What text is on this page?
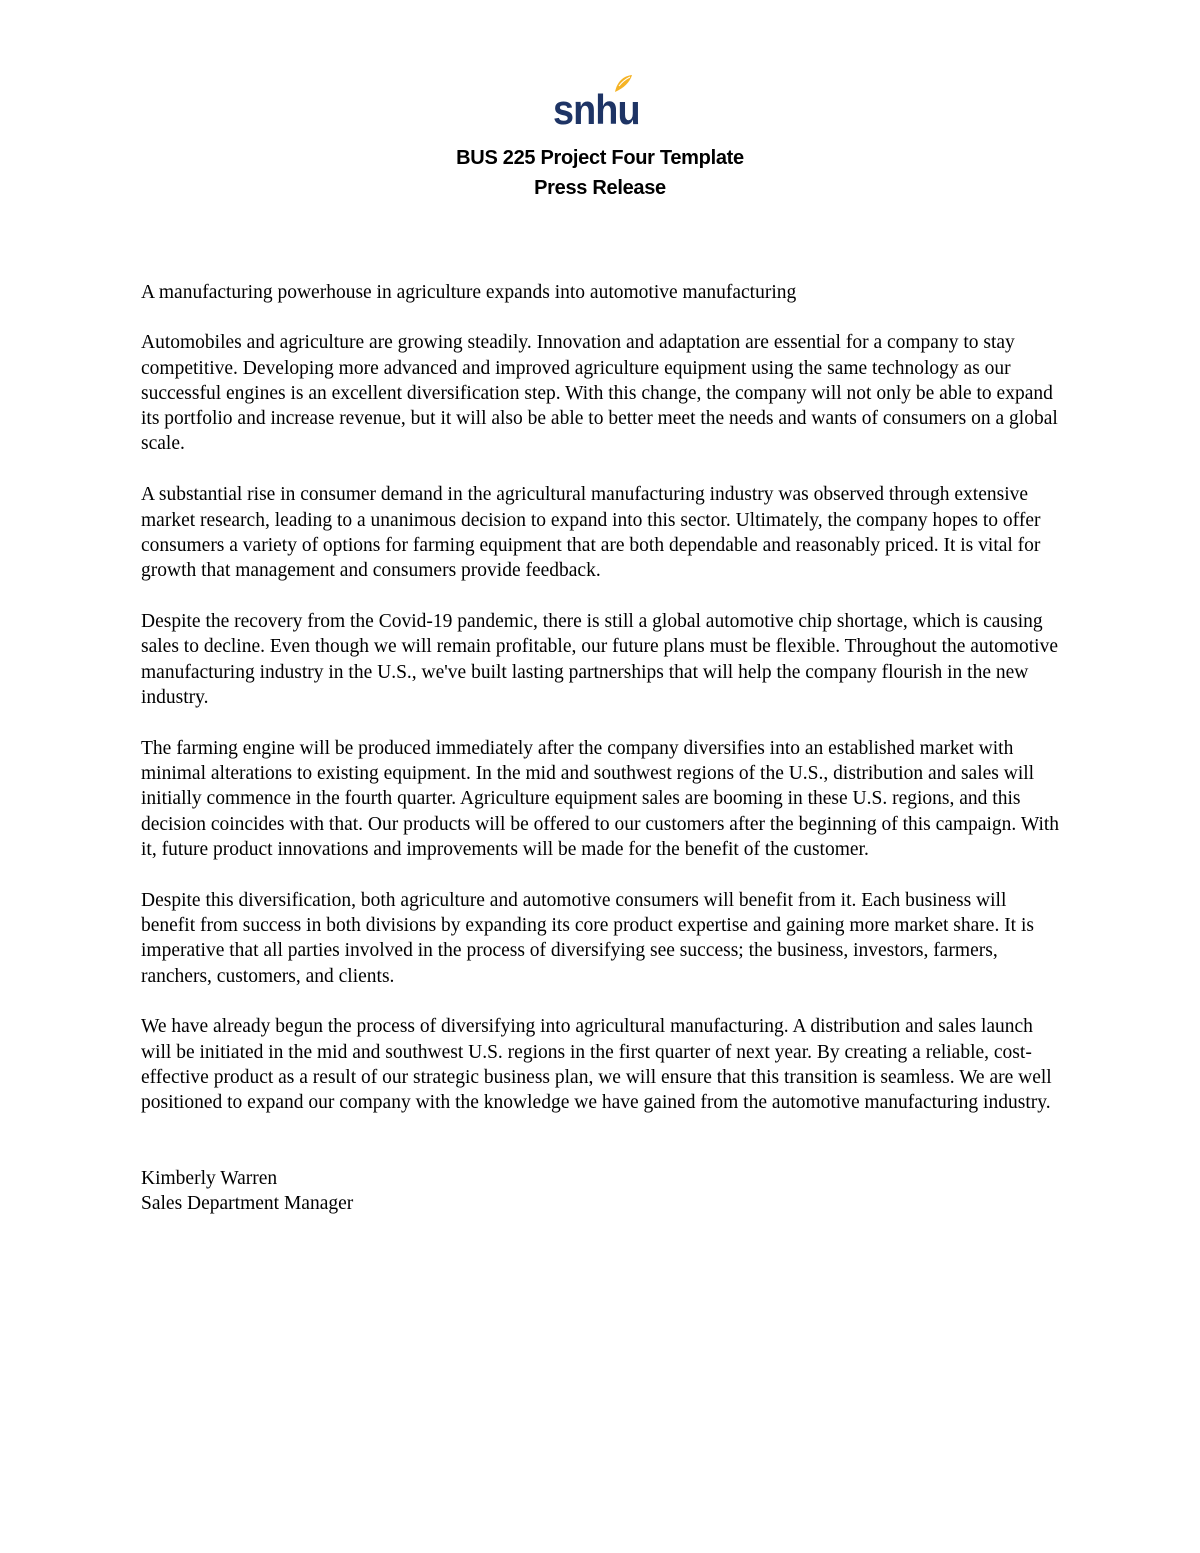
snhu
BUS 225 Project Four Template
Press Release

A manufacturing powerhouse in agriculture expands into automotive manufacturing

Automobiles and agriculture are growing steadily. Innovation and adaptation are essential for a company to stay competitive. Developing more advanced and improved agriculture equipment using the same technology as our successful engines is an excellent diversification step. With this change, the company will not only be able to expand its portfolio and increase revenue, but it will also be able to better meet the needs and wants of consumers on a global scale.

A substantial rise in consumer demand in the agricultural manufacturing industry was observed through extensive market research, leading to a unanimous decision to expand into this sector. Ultimately, the company hopes to offer consumers a variety of options for farming equipment that are both dependable and reasonably priced. It is vital for growth that management and consumers provide feedback.

Despite the recovery from the Covid-19 pandemic, there is still a global automotive chip shortage, which is causing sales to decline. Even though we will remain profitable, our future plans must be flexible. Throughout the automotive manufacturing industry in the U.S., we've built lasting partnerships that will help the company flourish in the new industry.

The farming engine will be produced immediately after the company diversifies into an established market with minimal alterations to existing equipment. In the mid and southwest regions of the U.S., distribution and sales will initially commence in the fourth quarter. Agriculture equipment sales are booming in these U.S. regions, and this decision coincides with that. Our products will be offered to our customers after the beginning of this campaign. With it, future product innovations and improvements will be made for the benefit of the customer.

Despite this diversification, both agriculture and automotive consumers will benefit from it. Each business will benefit from success in both divisions by expanding its core product expertise and gaining more market share. It is imperative that all parties involved in the process of diversifying see success; the business, investors, farmers, ranchers, customers, and clients.

We have already begun the process of diversifying into agricultural manufacturing. A distribution and sales launch will be initiated in the mid and southwest U.S. regions in the first quarter of next year. By creating a reliable, cost-effective product as a result of our strategic business plan, we will ensure that this transition is seamless. We are well positioned to expand our company with the knowledge we have gained from the automotive manufacturing industry.

Kimberly Warren
Sales Department Manager
